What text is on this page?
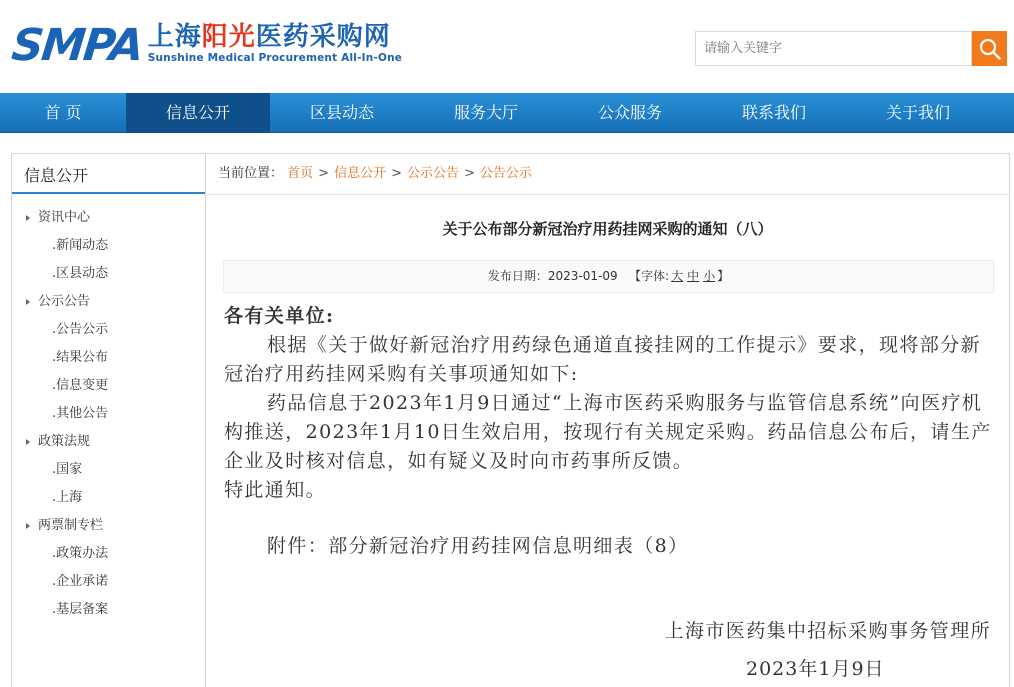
SMPA 上海阳光医药采购网
Sunshine Medical Procurement All-In-One
请输入关键字
首 页	信息公开	区县动态	服务大厅	公众服务	联系我们	关于我们
信息公开
资讯中心
.新闻动态
.区县动态
公示公告
.公告公示
.结果公布
.信息变更
.其他公告
政策法规
.国家
.上海
两票制专栏
.政策办法
.企业承诺
.基层备案
当前位置： 首页 > 信息公开 > 公示公告 > 公告公示
关于公布部分新冠治疗用药挂网采购的通知（八）
发布日期：2023-01-09 【字体: 大 中 小 】
各有关单位:
根据《关于做好新冠治疗用药绿色通道直接挂网的工作提示》要求，现将部分新冠治疗用药挂网采购有关事项通知如下:
药品信息于2023年1月9日通过“上海市医药采购服务与监管信息系统”向医疗机构推送，2023年1月10日生效启用，按现行有关规定采购。药品信息公布后，请生产企业及时核对信息，如有疑义及时向市药事所反馈。
特此通知。
附件：部分新冠治疗用药挂网信息明细表（8）
上海市医药集中招标采购事务管理所
2023年1月9日
